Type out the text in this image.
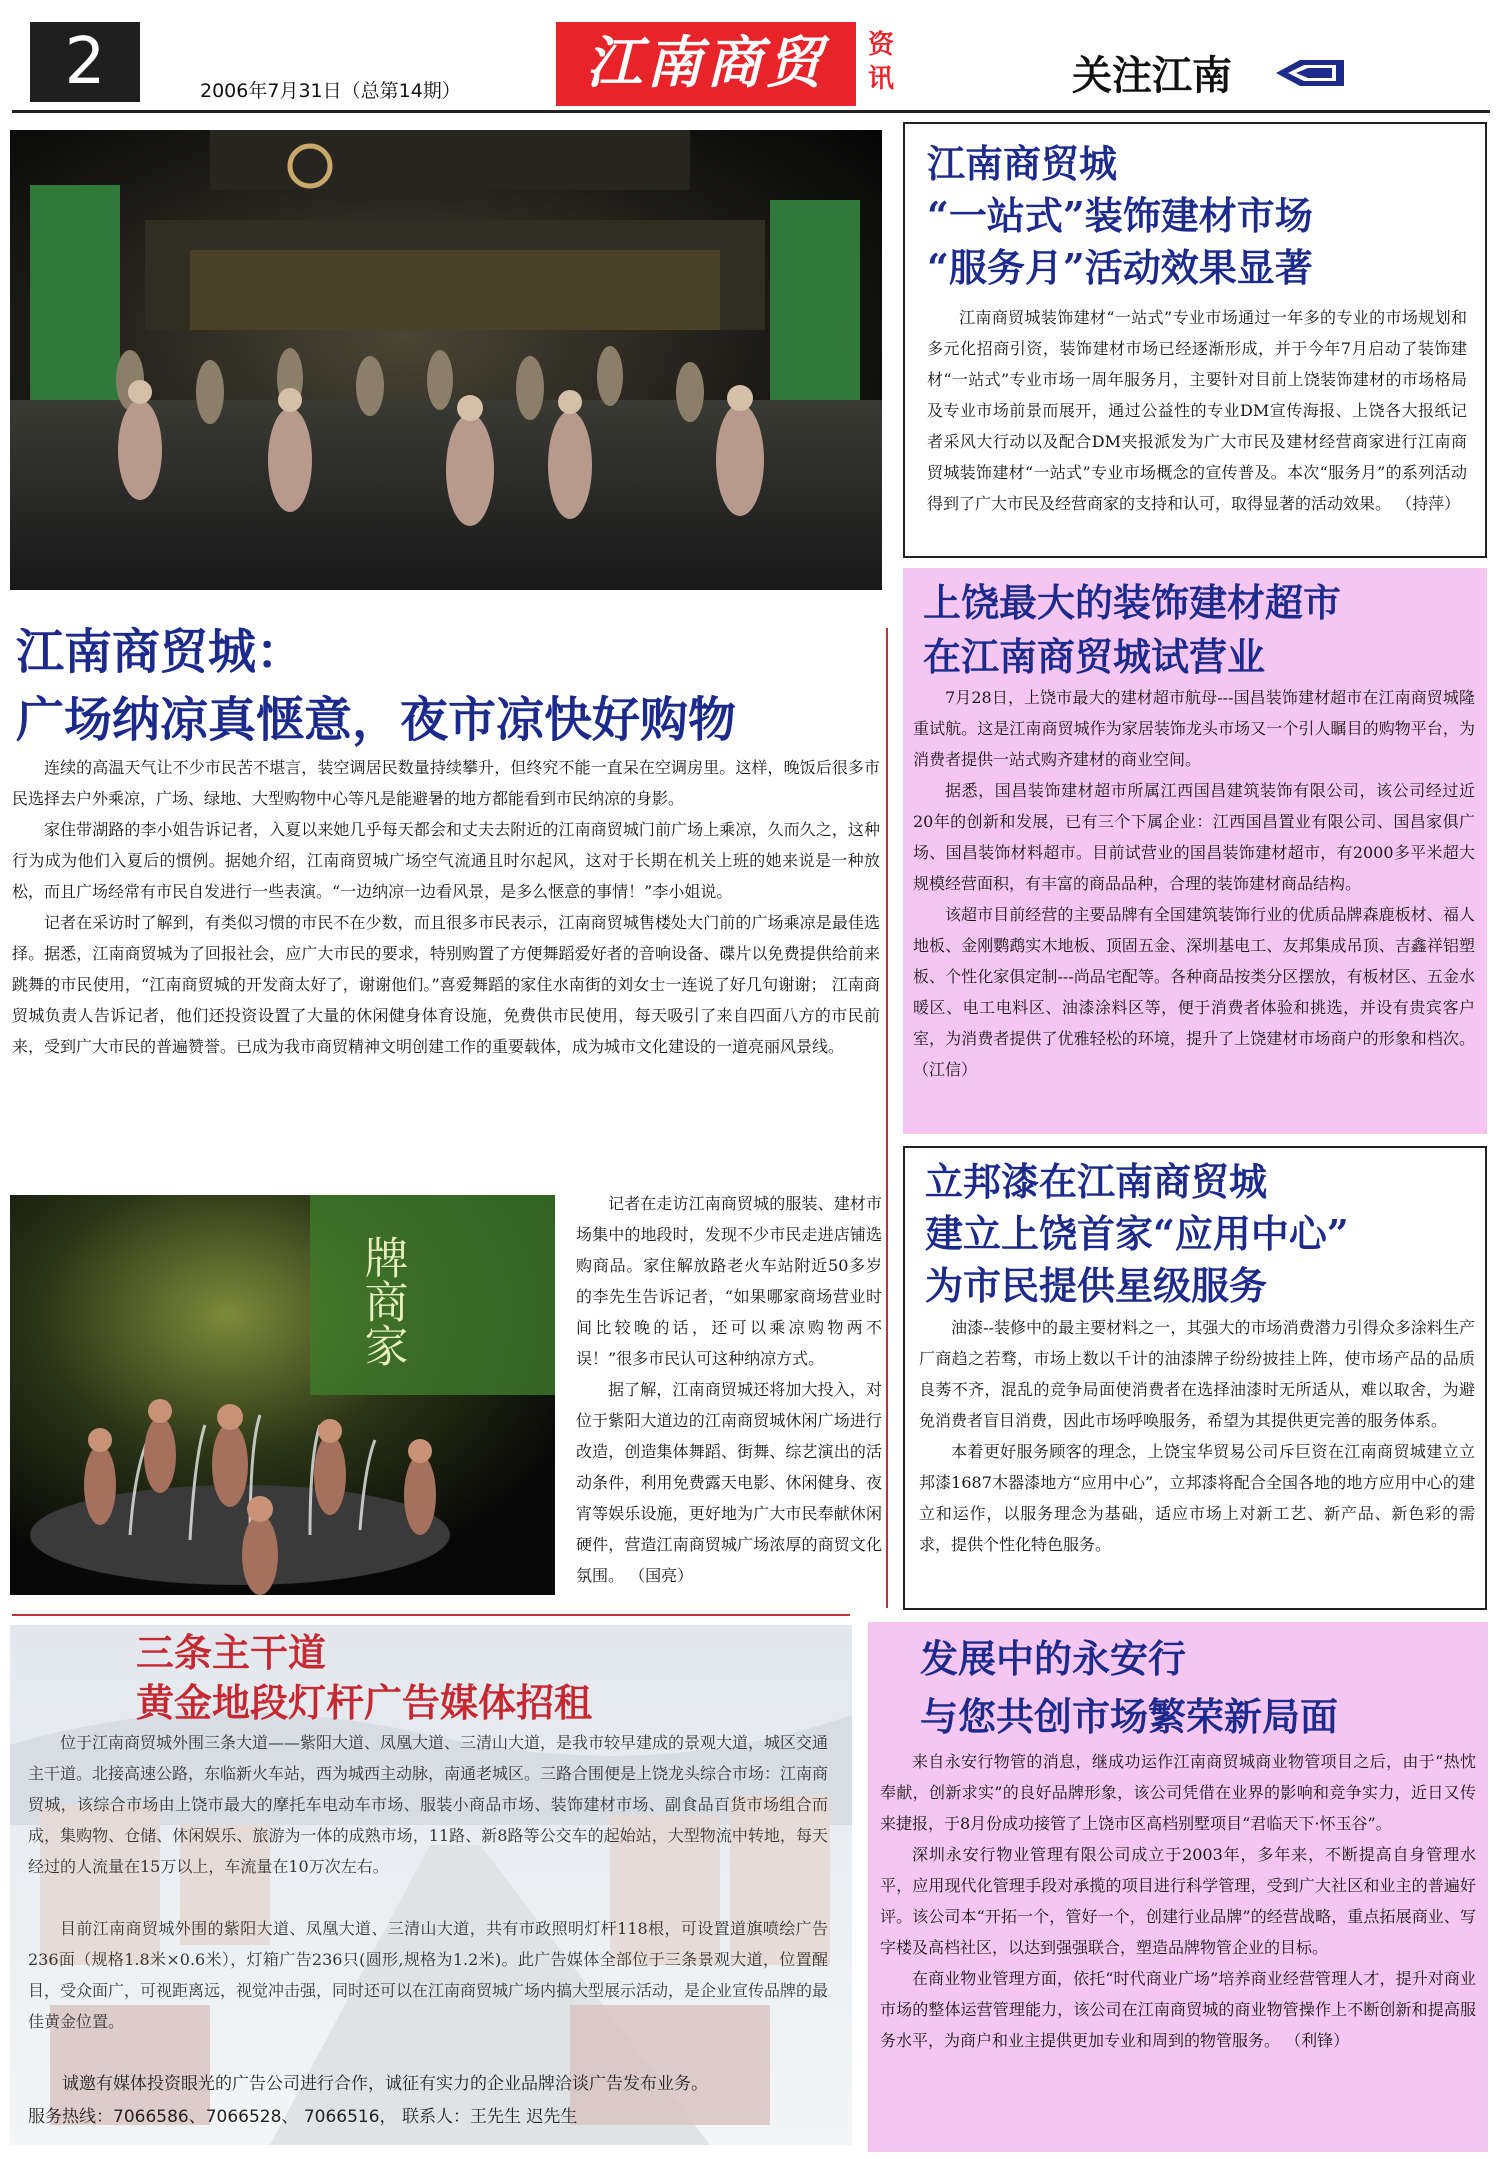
2	2006年7月31日（总第14期）	江南商贸	资讯	关注江南
江南商贸城
“一站式”装饰建材市场
“服务月”活动效果显著

江南商贸城装饰建材“一站式”专业市场通过一年多的专业的市场规划和多元化招商引资，装饰建材市场已经逐渐形成，并于今年7月启动了装饰建材“一站式”专业市场一周年服务月，主要针对目前上饶装饰建材的市场格局及专业市场前景而展开，通过公益性的专业DM宣传海报、上饶各大报纸记者采风大行动以及配合DM夹报派发为广大市民及建材经营商家进行江南商贸城装饰建材“一站式”专业市场概念的宣传普及。本次“服务月”的系列活动得到了广大市民及经营商家的支持和认可，取得显著的活动效果。 （持萍）

江南商贸城：
广场纳凉真惬意，夜市凉快好购物

连续的高温天气让不少市民苦不堪言，装空调居民数量持续攀升，但终究不能一直呆在空调房里。这样，晚饭后很多市民选择去户外乘凉，广场、绿地、大型购物中心等凡是能避暑的地方都能看到市民纳凉的身影。

家住带湖路的李小姐告诉记者，入夏以来她几乎每天都会和丈夫去附近的江南商贸城门前广场上乘凉，久而久之，这种行为成为他们入夏后的惯例。据她介绍，江南商贸城广场空气流通且时尔起风，这对于长期在机关上班的她来说是一种放松，而且广场经常有市民自发进行一些表演。“一边纳凉一边看风景，是多么惬意的事情！”李小姐说。

记者在采访时了解到，有类似习惯的市民不在少数，而且很多市民表示，江南商贸城售楼处大门前的广场乘凉是最佳选择。据悉，江南商贸城为了回报社会，应广大市民的要求，特别购置了方便舞蹈爱好者的音响设备、碟片以免费提供给前来跳舞的市民使用，“江南商贸城的开发商太好了，谢谢他们。”喜爱舞蹈的家住水南街的刘女士一连说了好几句谢谢； 江南商贸城负责人告诉记者，他们还投资设置了大量的休闲健身体育设施，免费供市民使用，每天吸引了来自四面八方的市民前来，受到广大市民的普遍赞誉。已成为我市商贸精神文明创建工作的重要载体，成为城市文化建设的一道亮丽风景线。

牌商家

记者在走访江南商贸城的服装、建材市场集中的地段时，发现不少市民走进店铺选购商品。家住解放路老火车站附近50多岁的李先生告诉记者，“如果哪家商场营业时间比较晚的话，还可以乘凉购物两不误！”很多市民认可这种纳凉方式。

据了解，江南商贸城还将加大投入，对位于紫阳大道边的江南商贸城休闲广场进行改造，创造集体舞蹈、街舞、综艺演出的活动条件，利用免费露天电影、休闲健身、夜宵等娱乐设施，更好地为广大市民奉献休闲硬件，营造江南商贸城广场浓厚的商贸文化氛围。 （国亮）

上饶最大的装饰建材超市
在江南商贸城试营业

7月28日，上饶市最大的建材超市航母---国昌装饰建材超市在江南商贸城隆重试航。这是江南商贸城作为家居装饰龙头市场又一个引人瞩目的购物平台，为消费者提供一站式购齐建材的商业空间。

据悉，国昌装饰建材超市所属江西国昌建筑装饰有限公司，该公司经过近20年的创新和发展，已有三个下属企业：江西国昌置业有限公司、国昌家俱广场、国昌装饰材料超市。目前试营业的国昌装饰建材超市，有2000多平米超大规模经营面积，有丰富的商品品种，合理的装饰建材商品结构。

该超市目前经营的主要品牌有全国建筑装饰行业的优质品牌森鹿板材、福人地板、金刚鹦鹉实木地板、顶固五金、深圳基电工、友邦集成吊顶、吉鑫祥铝塑板、个性化家俱定制---尚品宅配等。各种商品按类分区摆放，有板材区、五金水暖区、电工电料区、油漆涂料区等，便于消费者体验和挑选，并设有贵宾客户室，为消费者提供了优雅轻松的环境，提升了上饶建材市场商户的形象和档次。 （江信）

立邦漆在江南商贸城
建立上饶首家“应用中心”
为市民提供星级服务

油漆--装修中的最主要材料之一，其强大的市场消费潜力引得众多涂料生产厂商趋之若骛，市场上数以千计的油漆牌子纷纷披挂上阵，使市场产品的品质良莠不齐，混乱的竞争局面使消费者在选择油漆时无所适从，难以取舍，为避免消费者盲目消费，因此市场呼唤服务，希望为其提供更完善的服务体系。

本着更好服务顾客的理念，上饶宝华贸易公司斥巨资在江南商贸城建立立邦漆1687木器漆地方“应用中心”，立邦漆将配合全国各地的地方应用中心的建立和运作，以服务理念为基础，适应市场上对新工艺、新产品、新色彩的需求，提供个性化特色服务。

三条主干道
黄金地段灯杆广告媒体招租

位于江南商贸城外围三条大道——紫阳大道、凤凰大道、三清山大道，是我市较早建成的景观大道，城区交通主干道。北接高速公路，东临新火车站，西为城西主动脉，南通老城区。三路合围便是上饶龙头综合市场：江南商贸城，该综合市场由上饶市最大的摩托车电动车市场、服装小商品市场、装饰建材市场、副食品百货市场组合而成，集购物、仓储、休闲娱乐、旅游为一体的成熟市场，11路、新8路等公交车的起始站，大型物流中转地，每天经过的人流量在15万以上，车流量在10万次左右。

目前江南商贸城外围的紫阳大道、凤凰大道、三清山大道，共有市政照明灯杆118根，可设置道旗喷绘广告236面（规格1.8米×0.6米），灯箱广告236只(圆形,规格为1.2米)。此广告媒体全部位于三条景观大道，位置醒目，受众面广，可视距离远，视觉冲击强，同时还可以在江南商贸城广场内搞大型展示活动，是企业宣传品牌的最佳黄金位置。

诚邀有媒体投资眼光的广告公司进行合作，诚征有实力的企业品牌洽谈广告发布业务。
服务热线：7066586、7066528、 7066516， 联系人：王先生 迟先生
发展中的永安行
与您共创市场繁荣新局面

来自永安行物管的消息，继成功运作江南商贸城商业物管项目之后，由于“热忱奉献，创新求实”的良好品牌形象，该公司凭借在业界的影响和竞争实力，近日又传来捷报，于8月份成功接管了上饶市区高档别墅项目“君临天下·怀玉谷”。

深圳永安行物业管理有限公司成立于2003年，多年来，不断提高自身管理水平，应用现代化管理手段对承揽的项目进行科学管理，受到广大社区和业主的普遍好评。该公司本“开拓一个，管好一个，创建行业品牌”的经营战略，重点拓展商业、写字楼及高档社区，以达到强强联合，塑造品牌物管企业的目标。

在商业物业管理方面，依托“时代商业广场”培养商业经营管理人才，提升对商业市场的整体运营管理能力，该公司在江南商贸城的商业物管操作上不断创新和提高服务水平，为商户和业主提供更加专业和周到的物管服务。 （利锋）
